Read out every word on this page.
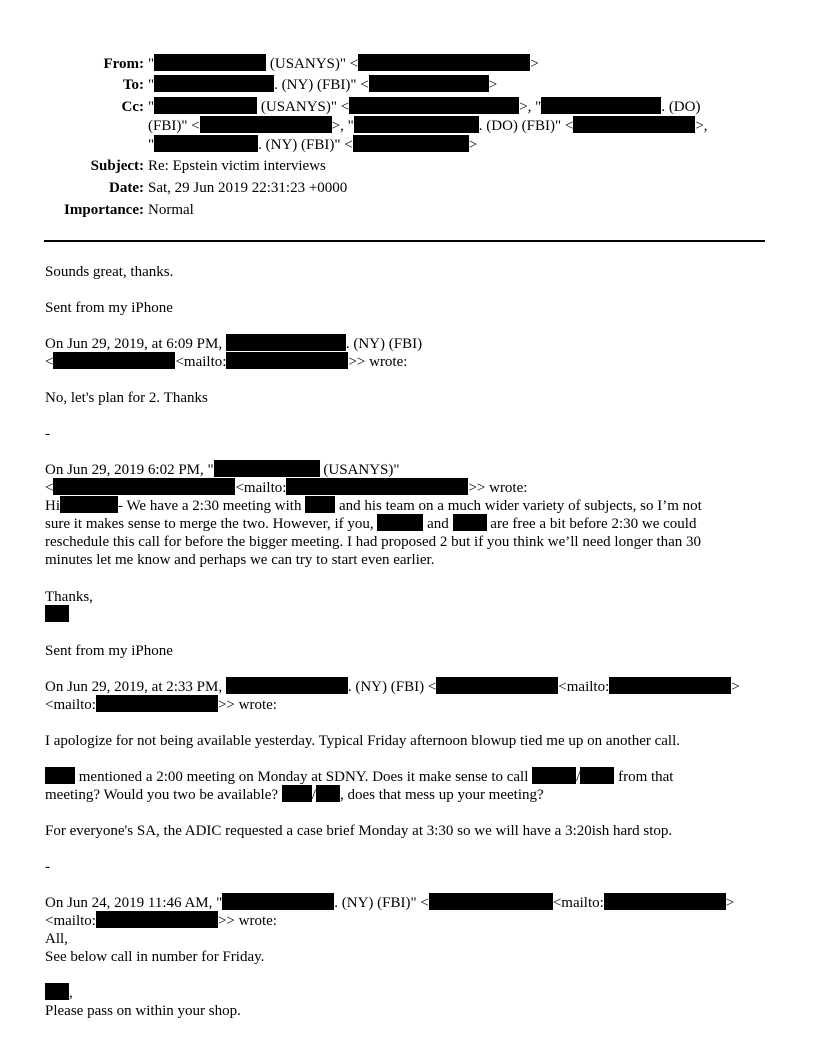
From: "	(USANYS)" <	>
To: "	. (NY) (FBI)" <	>
Cc: "	(USANYS)" <	>, "	. (DO)
(FBI)" <	>, "	. (DO) (FBI)" <	>,
"	. (NY) (FBI)" <	>
Subject: Re: Epstein victim interviews
Date: Sat, 29 Jun 2019 22:31:23 +0000
Importance: Normal
Sounds great, thanks.
Sent from my iPhone
On Jun 29, 2019, at 6:09 PM,	. (NY) (FBI)
<	<mailto:	>> wrote:
No, let's plan for 2. Thanks
-
On Jun 29, 2019 6:02 PM, "	(USANYS)"
<	<mailto:	>> wrote:
Hi	- We have a 2:30 meeting with	and his team on a much wider variety of subjects, so I’m not
sure it makes sense to merge the two. However, if you,	and	are free a bit before 2:30 we could
reschedule this call for before the bigger meeting. I had proposed 2 but if you think we’ll need longer than 30
minutes let me know and perhaps we can try to start even earlier.
Thanks,
Sent from my iPhone
On Jun 29, 2019, at 2:33 PM,	. (NY) (FBI) <	<mailto:	>
<mailto:	>> wrote:
I apologize for not being available yesterday. Typical Friday afternoon blowup tied me up on another call.
mentioned a 2:00 meeting on Monday at SDNY. Does it make sense to call	/	from that
meeting? Would you two be available? / , does that mess up your meeting?
For everyone's SA, the ADIC requested a case brief Monday at 3:30 so we will have a 3:20ish hard stop.
-
On Jun 24, 2019 11:46 AM, "	. (NY) (FBI)" <	<mailto:	>
<mailto:	>> wrote:
All,
See below call in number for Friday.
,
Please pass on within your shop.
